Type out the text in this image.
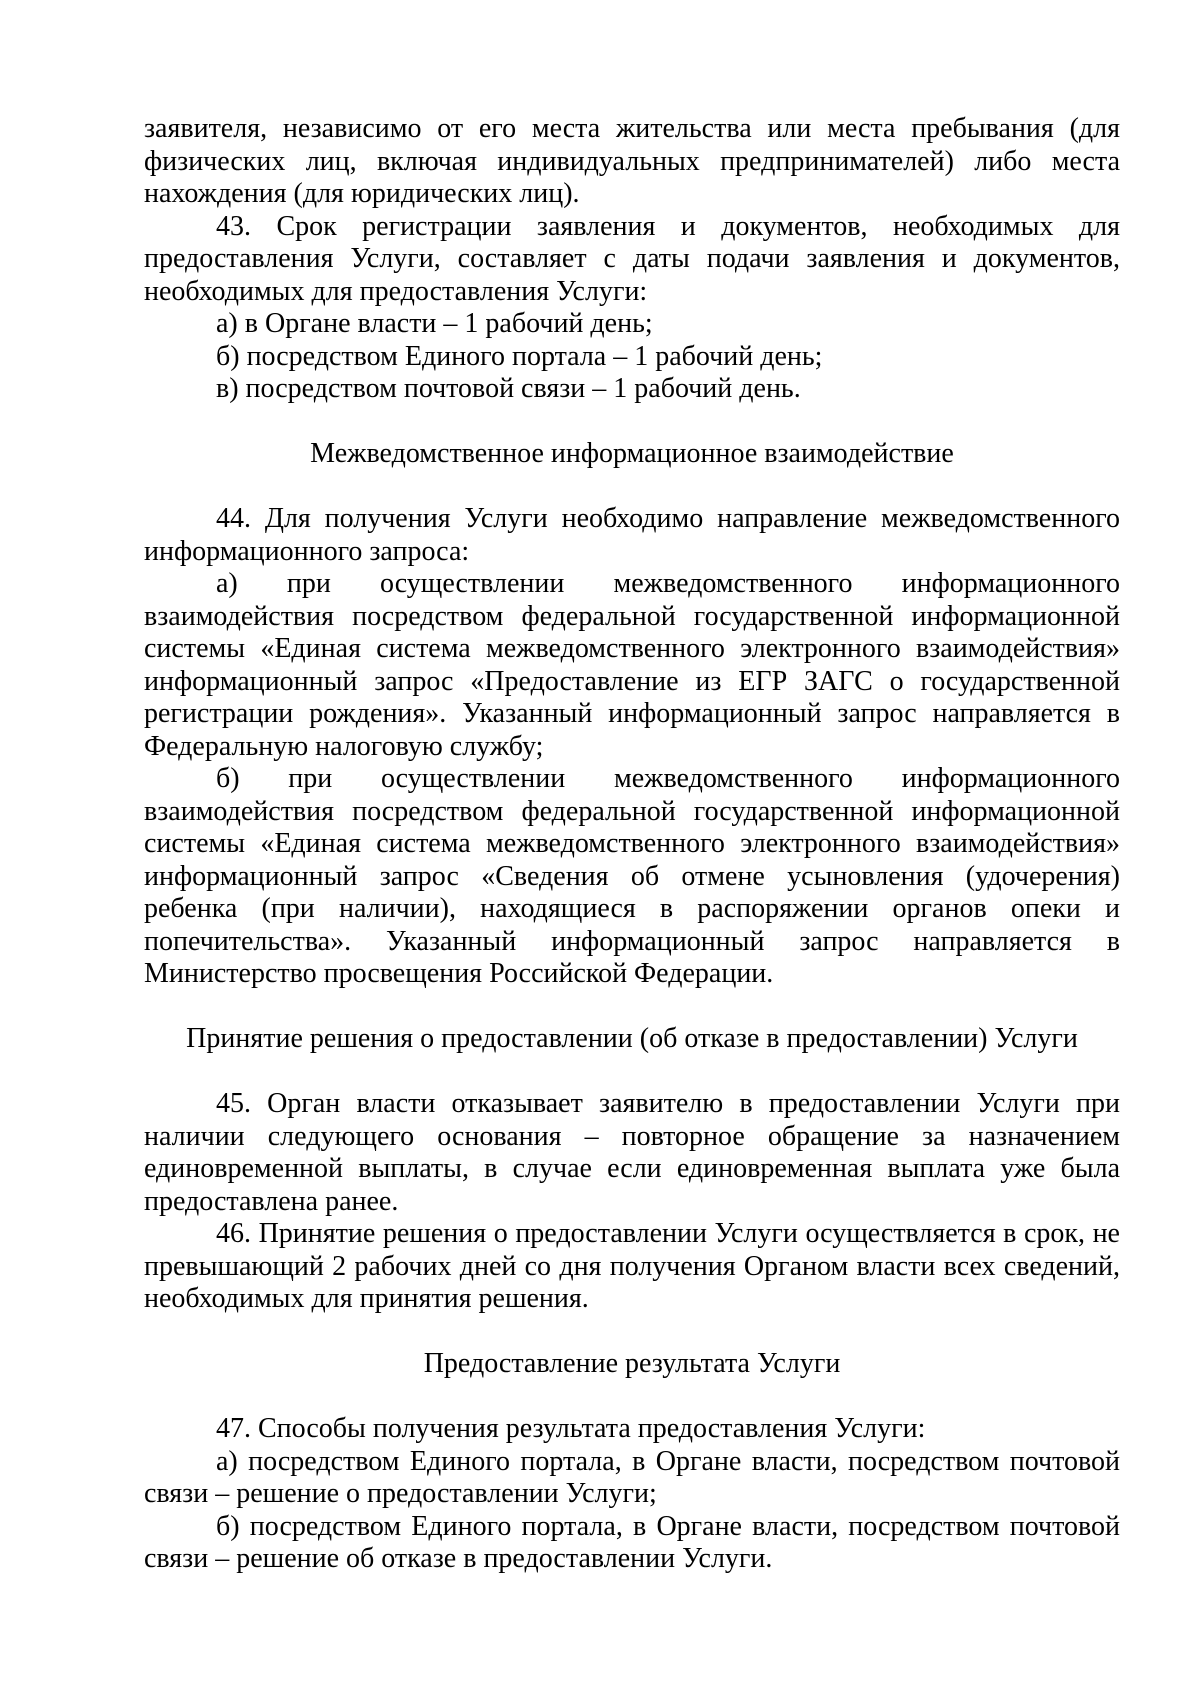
заявителя, независимо от его места жительства или места пребывания (для физических лиц, включая индивидуальных предпринимателей) либо места нахождения (для юридических лиц).

43. Срок регистрации заявления и документов, необходимых для предоставления Услуги, составляет с даты подачи заявления и документов, необходимых для предоставления Услуги:

а) в Органе власти – 1 рабочий день;

б) посредством Единого портала – 1 рабочий день;

в) посредством почтовой связи – 1 рабочий день.

Межведомственное информационное взаимодействие

44. Для получения Услуги необходимо направление межведомственного информационного запроса:

а) при осуществлении межведомственного информационного взаимодействия посредством федеральной государственной информационной системы «Единая система межведомственного электронного взаимодействия» информационный запрос «Предоставление из ЕГР ЗАГС о государственной регистрации рождения». Указанный информационный запрос направляется в Федеральную налоговую службу;

б) при осуществлении межведомственного информационного взаимодействия посредством федеральной государственной информационной системы «Единая система межведомственного электронного взаимодействия» информационный запрос «Сведения об отмене усыновления (удочерения) ребенка (при наличии), находящиеся в распоряжении органов опеки и попечительства». Указанный информационный запрос направляется в Министерство просвещения Российской Федерации.

Принятие решения о предоставлении (об отказе в предоставлении) Услуги

45. Орган власти отказывает заявителю в предоставлении Услуги при наличии следующего основания – повторное обращение за назначением единовременной выплаты, в случае если единовременная выплата уже была предоставлена ранее.

46. Принятие решения о предоставлении Услуги осуществляется в срок, не превышающий 2 рабочих дней со дня получения Органом власти всех сведений, необходимых для принятия решения.

Предоставление результата Услуги

47. Способы получения результата предоставления Услуги:

а) посредством Единого портала, в Органе власти, посредством почтовой связи – решение о предоставлении Услуги;

б) посредством Единого портала, в Органе власти, посредством почтовой связи – решение об отказе в предоставлении Услуги.
